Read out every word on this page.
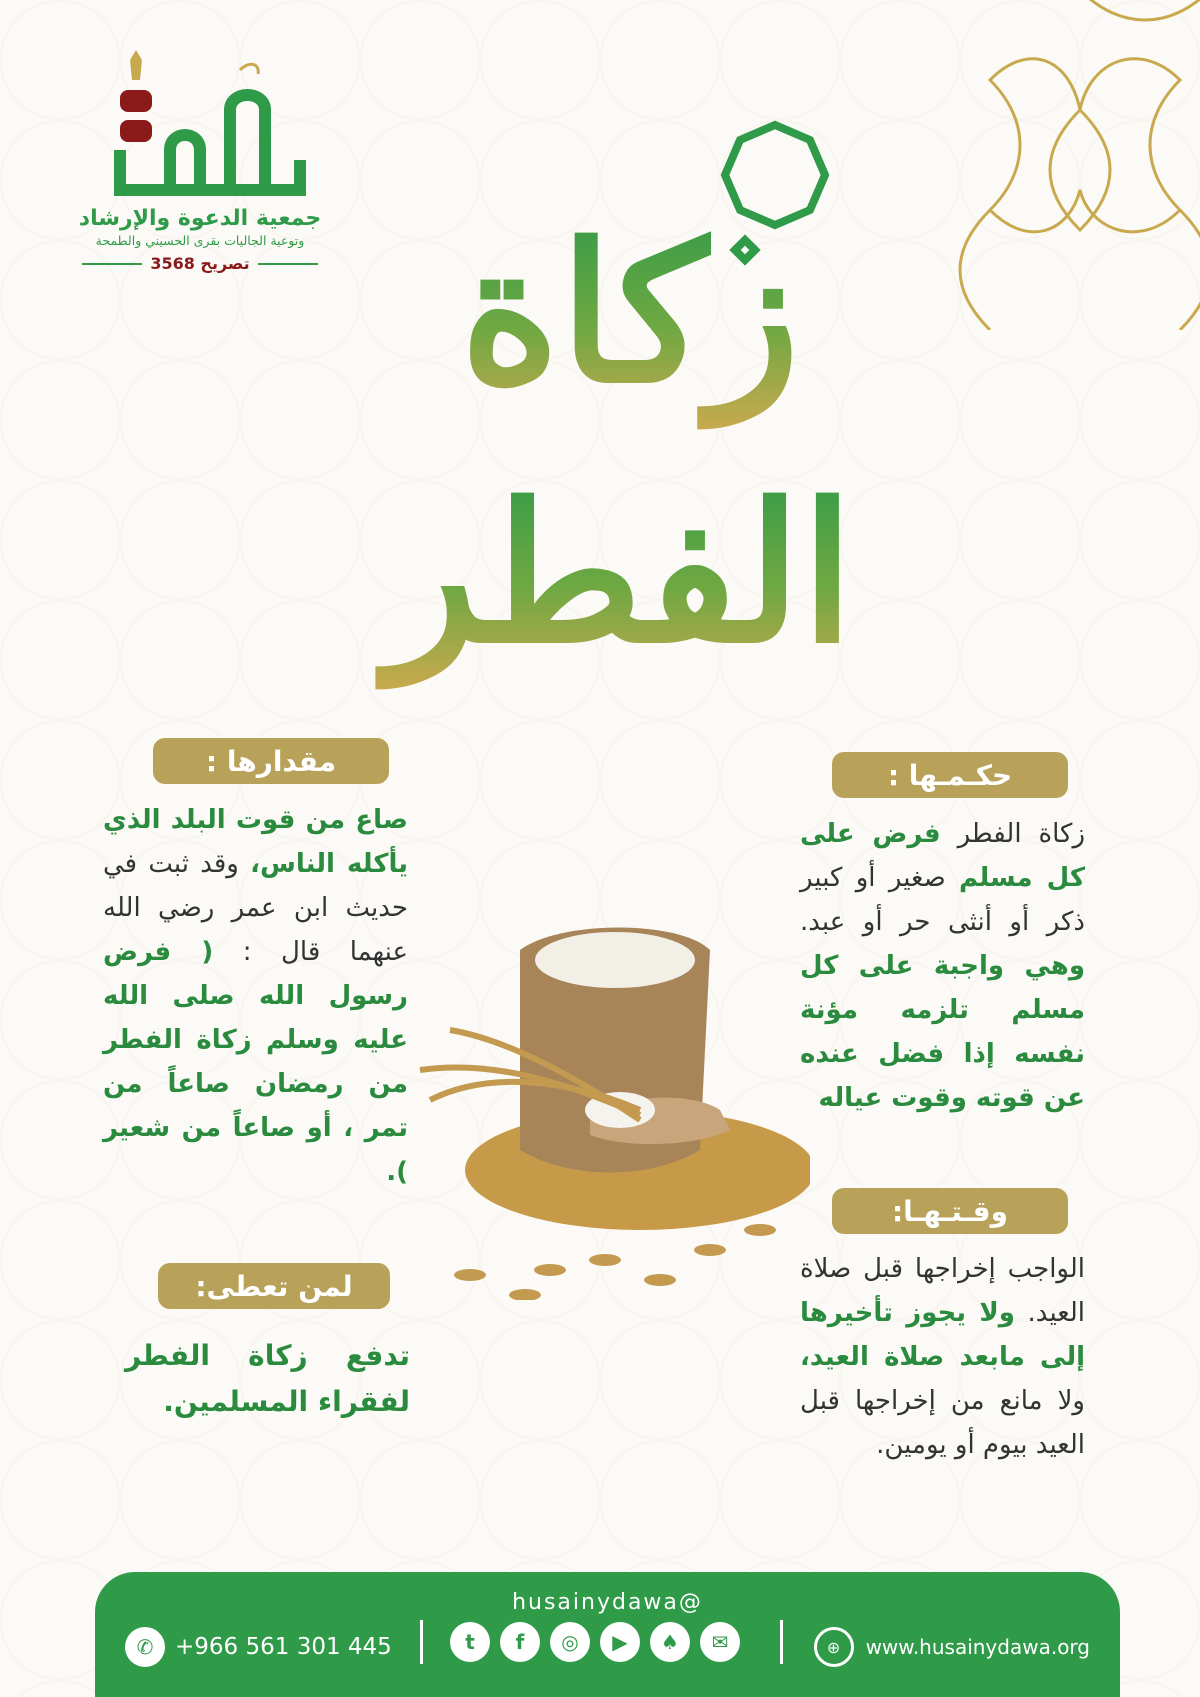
جمعية الدعوة والإرشاد
وتوعية الجاليات بقرى الحسيني والطمحة
تصريح 3568 زكاة
الفطر
حكـمـها :
زكاة الفطر فرض على كل مسلم صغير أو كبير ذكر أو أنثى حر أو عبد. وهي واجبة على كل مسلم تلزمه مؤنة نفسه إذا فضل عنده عن قوته وقوت عياله
مقدارها :
صاع من قوت البلد الذي يأكله الناس، وقد ثبت في حديث ابن عمر رضي الله عنهما قال : ( فرض رسول الله صلى الله عليه وسلم زكاة الفطر من رمضان صاعاً من تمر ، أو صاعاً من شعير ).
وقـتـهـا:
الواجب إخراجها قبل صلاة العيد. ولا يجوز تأخيرها إلى مابعد صلاة العيد، ولا مانع من إخراجها قبل العيد بيوم أو يومين.
لمن تعطى:
تدفع زكاة الفطر لفقراء المسلمين.
husainydawa@
✆ +966 561 301 445	t	f	◎	▶	♠	✉	⊕	www.husainydawa.org
